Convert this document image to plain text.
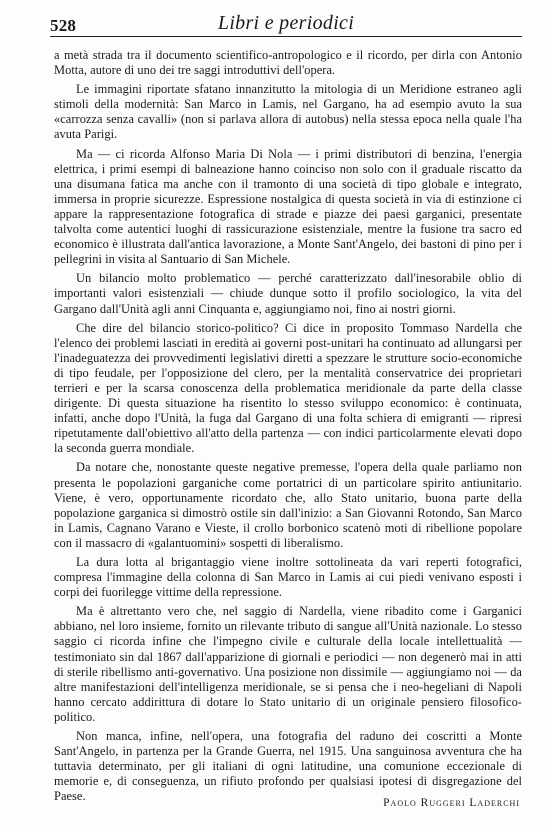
528	Libri e periodici

a metà strada tra il documento scientifico-antropologico e il ricordo, per dirla con Antonio Motta, autore di uno dei tre saggi introduttivi dell'opera.

Le immagini riportate sfatano innanzitutto la mitologia di un Meridione estraneo agli stimoli della modernità: San Marco in Lamis, nel Gargano, ha ad esempio avuto la sua «carrozza senza cavalli» (non si parlava allora di autobus) nella stessa epoca nella quale l'ha avuta Parigi.

Ma — ci ricorda Alfonso Maria Di Nola — i primi distributori di benzina, l'energia elettrica, i primi esempi di balneazione hanno coinciso non solo con il graduale riscatto da una disumana fatica ma anche con il tramonto di una società di tipo globale e integrato, immersa in proprie sicurezze. Espressione nostalgica di questa società in via di estinzione ci appare la rappresentazione fotografica di strade e piazze dei paesi garganici, presentate talvolta come autentici luoghi di rassicurazione esistenziale, mentre la fusione tra sacro ed economico è illustrata dall'antica lavorazione, a Monte Sant'Angelo, dei bastoni di pino per i pellegrini in visita al Santuario di San Michele.

Un bilancio molto problematico — perché caratterizzato dall'inesorabile oblio di importanti valori esistenziali — chiude dunque sotto il profilo sociologico, la vita del Gargano dall'Unità agli anni Cinquanta e, aggiungiamo noi, fino ai nostri giorni.

Che dire del bilancio storico-politico? Ci dice in proposito Tommaso Nardella che l'elenco dei problemi lasciati in eredità ai governi post-unitari ha continuato ad allungarsi per l'inadeguatezza dei provvedimenti legislativi diretti a spezzare le strutture socio-economiche di tipo feudale, per l'opposizione del clero, per la mentalità conservatrice dei proprietari terrieri e per la scarsa conoscenza della problematica meridionale da parte della classe dirigente. Di questa situazione ha risentito lo stesso sviluppo economico: è continuata, infatti, anche dopo l'Unità, la fuga dal Gargano di una folta schiera di emigranti — ripresi ripetutamente dall'obiettivo all'atto della partenza — con indici particolarmente elevati dopo la seconda guerra mondiale.

Da notare che, nonostante queste negative premesse, l'opera della quale parliamo non presenta le popolazioni garganiche come portatrici di un particolare spirito antiunitario. Viene, è vero, opportunamente ricordato che, allo Stato unitario, buona parte della popolazione garganica si dimostrò ostile sin dall'inizio: a San Giovanni Rotondo, San Marco in Lamis, Cagnano Varano e Vieste, il crollo borbonico scatenò moti di ribellione popolare con il massacro di «galantuomini» sospetti di liberalismo.

La dura lotta al brigantaggio viene inoltre sottolineata da vari reperti fotografici, compresa l'immagine della colonna di San Marco in Lamis ai cui piedi venivano esposti i corpi dei fuorilegge vittime della repressione.

Ma è altrettanto vero che, nel saggio di Nardella, viene ribadito come i Garganici abbiano, nel loro insieme, fornito un rilevante tributo di sangue all'Unità nazionale. Lo stesso saggio ci ricorda infine che l'impegno civile e culturale della locale intellettualità — testimoniato sin dal 1867 dall'apparizione di giornali e periodici — non degenerò mai in atti di sterile ribellismo anti-governativo. Una posizione non dissimile — aggiungiamo noi — da altre manifestazioni dell'intelligenza meridionale, se si pensa che i neo-hegeliani di Napoli hanno cercato addirittura di dotare lo Stato unitario di un originale pensiero filosofico-politico.

Non manca, infine, nell'opera, una fotografia del raduno dei coscritti a Monte Sant'Angelo, in partenza per la Grande Guerra, nel 1915. Una sanguinosa avventura che ha tuttavia determinato, per gli italiani di ogni latitudine, una comunione eccezionale di memorie e, di conseguenza, un rifiuto profondo per qualsiasi ipotesi di disgregazione del Paese.	Paolo Ruggeri Laderchi
